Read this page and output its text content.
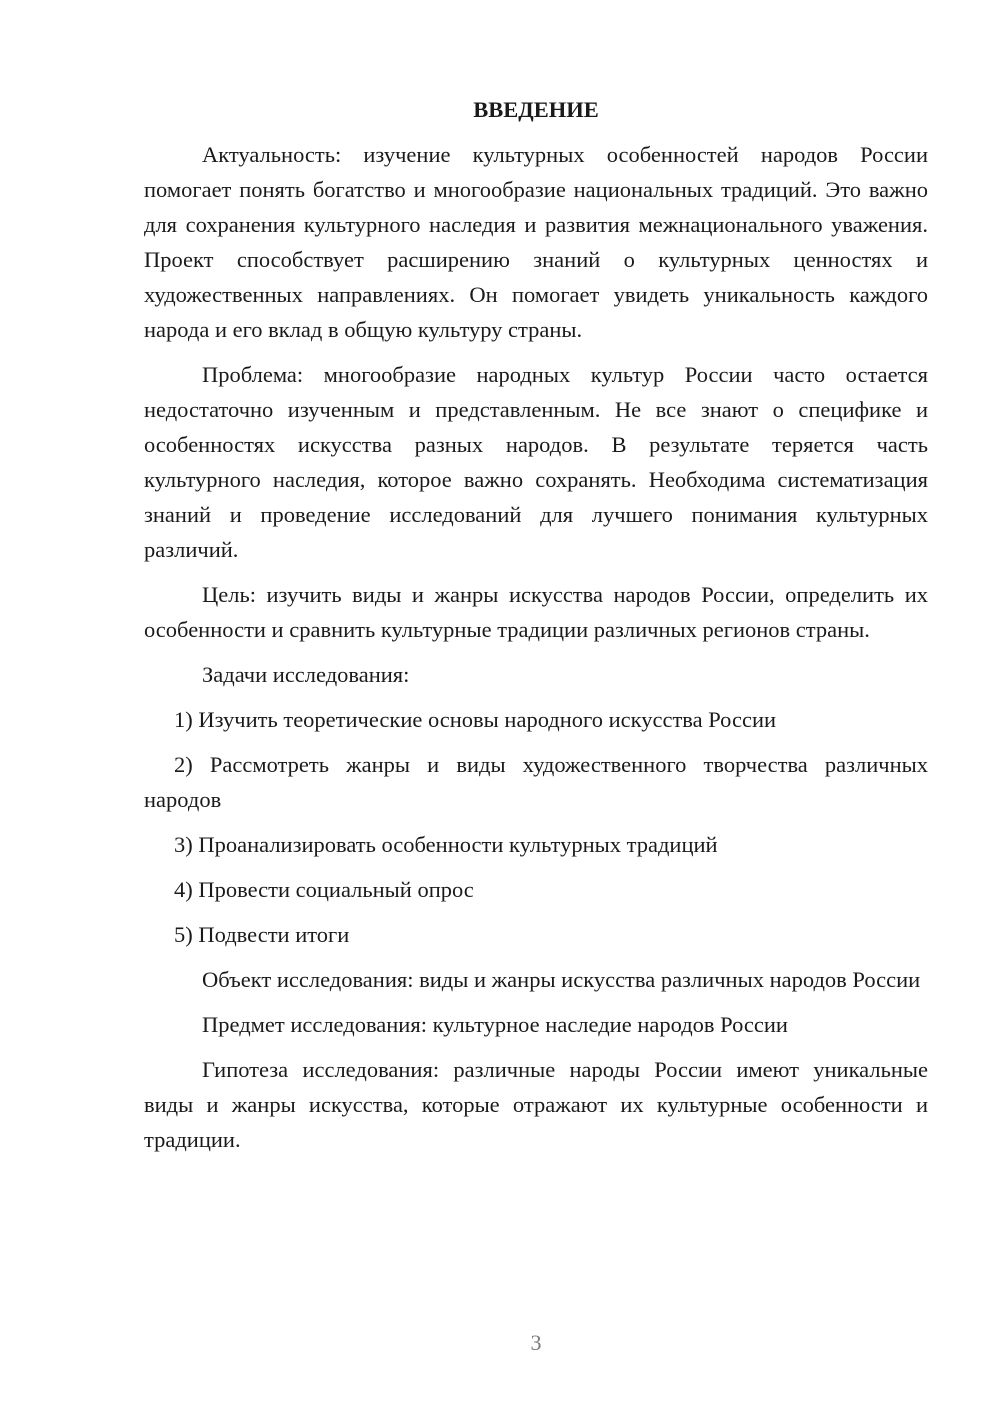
ВВЕДЕНИЕ

Актуальность: изучение культурных особенностей народов России помогает понять богатство и многообразие национальных традиций. Это важно для сохранения культурного наследия и развития межнационального уважения. Проект способствует расширению знаний о культурных ценностях и художественных направлениях. Он помогает увидеть уникальность каждого народа и его вклад в общую культуру страны.

Проблема: многообразие народных культур России часто остается недостаточно изученным и представленным. Не все знают о специфике и особенностях искусства разных народов. В результате теряется часть культурного наследия, которое важно сохранять. Необходима систематизация знаний и проведение исследований для лучшего понимания культурных различий.

Цель: изучить виды и жанры искусства народов России, определить их особенности и сравнить культурные традиции различных регионов страны.

Задачи исследования:

1) Изучить теоретические основы народного искусства России

2) Рассмотреть жанры и виды художественного творчества различных народов

3) Проанализировать особенности культурных традиций

4) Провести социальный опрос

5) Подвести итоги

Объект исследования: виды и жанры искусства различных народов России

Предмет исследования: культурное наследие народов России

Гипотеза исследования: различные народы России имеют уникальные виды и жанры искусства, которые отражают их культурные особенности и традиции.

3
